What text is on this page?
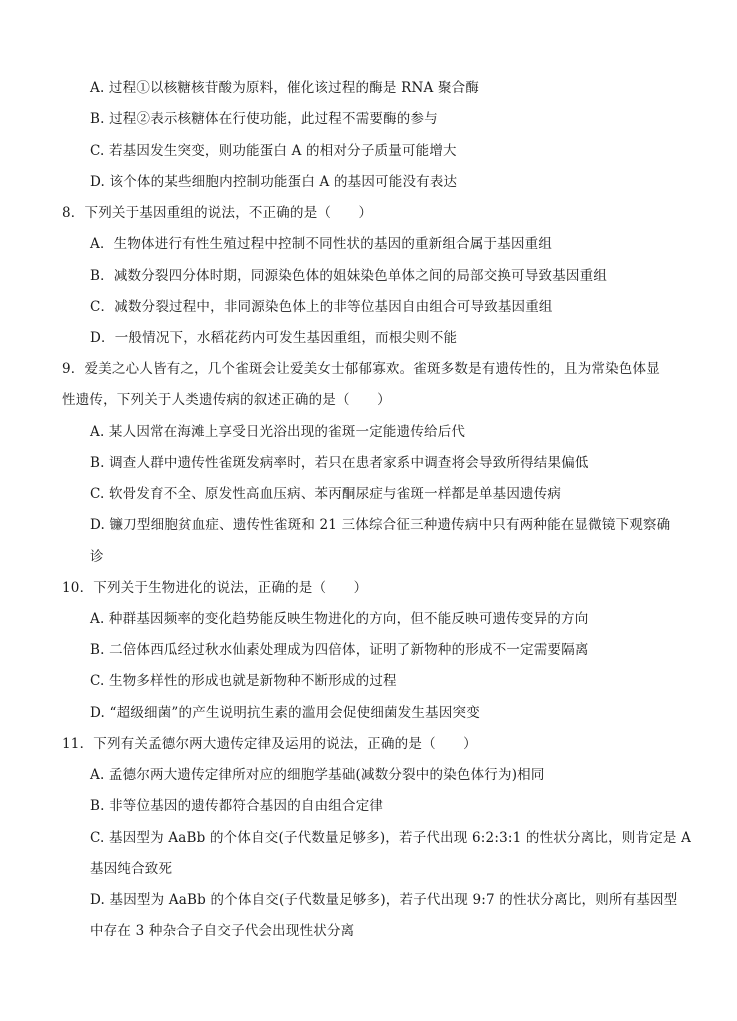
A. 过程①以核糖核苷酸为原料，催化该过程的酶是 RNA 聚合酶
B. 过程②表示核糖体在行使功能，此过程不需要酶的参与
C. 若基因发生突变，则功能蛋白 A 的相对分子质量可能增大
D. 该个体的某些细胞内控制功能蛋白 A 的基因可能没有表达
8．下列关于基因重组的说法，不正确的是（　　）
A．生物体进行有性生殖过程中控制不同性状的基因的重新组合属于基因重组
B．减数分裂四分体时期，同源染色体的姐妹染色单体之间的局部交换可导致基因重组
C．减数分裂过程中，非同源染色体上的非等位基因自由组合可导致基因重组
D．一般情况下，水稻花药内可发生基因重组，而根尖则不能
9．爱美之心人皆有之，几个雀斑会让爱美女士郁郁寡欢。雀斑多数是有遗传性的，且为常染色体显
性遗传，下列关于人类遗传病的叙述正确的是（　　）
A. 某人因常在海滩上享受日光浴出现的雀斑一定能遗传给后代
B. 调查人群中遗传性雀斑发病率时，若只在患者家系中调查将会导致所得结果偏低
C. 软骨发育不全、原发性高血压病、苯丙酮尿症与雀斑一样都是单基因遗传病
D. 镰刀型细胞贫血症、遗传性雀斑和 21 三体综合征三种遗传病中只有两种能在显微镜下观察确
诊
10．下列关于生物进化的说法，正确的是（　　）
A. 种群基因频率的变化趋势能反映生物进化的方向，但不能反映可遗传变异的方向
B. 二倍体西瓜经过秋水仙素处理成为四倍体，证明了新物种的形成不一定需要隔离
C. 生物多样性的形成也就是新物种不断形成的过程
D. “超级细菌”的产生说明抗生素的滥用会促使细菌发生基因突变
11．下列有关孟德尔两大遗传定律及运用的说法，正确的是（　　）
A. 孟德尔两大遗传定律所对应的细胞学基础(减数分裂中的染色体行为)相同
B. 非等位基因的遗传都符合基因的自由组合定律
C. 基因型为 AaBb 的个体自交(子代数量足够多)，若子代出现 6:2:3:1 的性状分离比，则肯定是 A
基因纯合致死
D. 基因型为 AaBb 的个体自交(子代数量足够多)，若子代出现 9:7 的性状分离比，则所有基因型
中存在 3 种杂合子自交子代会出现性状分离
